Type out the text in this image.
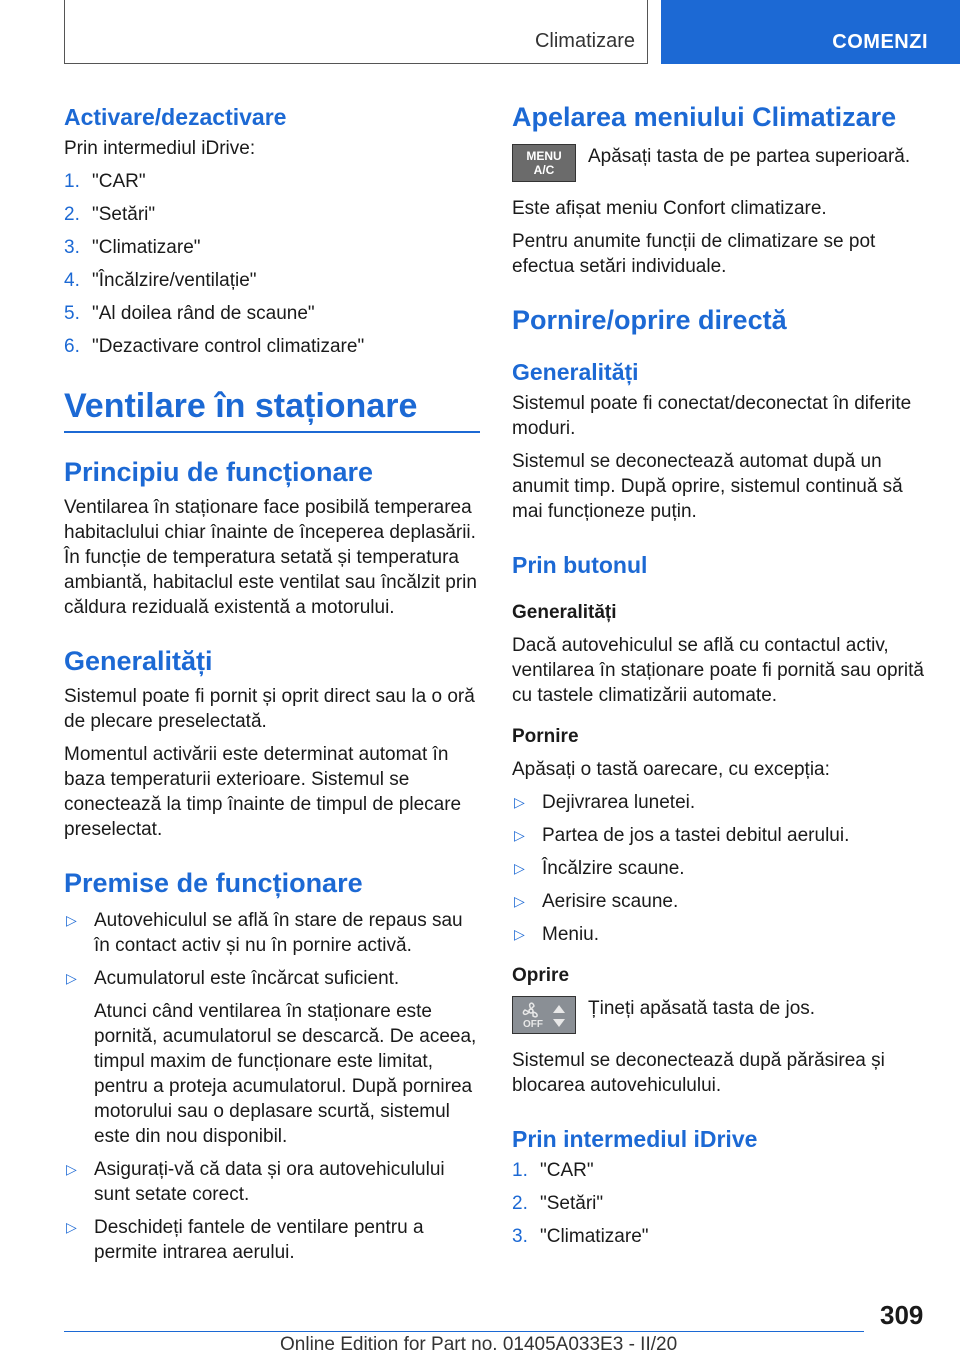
Climatizare	COMENZI
Activare/dezactivare

Prin intermediul iDrive:

1. "CAR"
2. "Setări"
3. "Climatizare"
4. "Încălzire/ventilație"
5. "Al doilea rând de scaune"
6. "Dezactivare control climatizare"
Ventilare în staționare
Principiu de funcționare

Ventilarea în staționare face posibilă temperarea habitaclului chiar înainte de începerea deplasării. În funcție de temperatura setată și temperatura ambiantă, habitaclul este ventilat sau încălzit prin căldura reziduală existentă a motorului.

Generalități

Sistemul poate fi pornit și oprit direct sau la o oră de plecare preselectată.

Momentul activării este determinat automat în baza temperaturii exterioare. Sistemul se conectează la timp înainte de timpul de plecare preselectat.

Premise de funcționare
▷ Autovehiculul se află în stare de repaus sau în contact activ și nu în pornire activă.
▷ Acumulatorul este încărcat suficient.
Atunci când ventilarea în staționare este pornită, acumulatorul se descarcă. De aceea, timpul maxim de funcționare este limitat, pentru a proteja acumulatorul. După pornirea motorului sau o deplasare scurtă, sistemul este din nou disponibil.
▷ Asigurați-vă că data și ora autovehiculului sunt setate corect.
▷ Deschideți fantele de ventilare pentru a permite intrarea aerului.
Apelarea meniului Climatizare
MENU
A/C

Apăsați tasta de pe partea superioară.

Este afișat meniu Confort climatizare.

Pentru anumite funcții de climatizare se pot efectua setări individuale.

Pornire/oprire directă
Generalități

Sistemul poate fi conectat/deconectat în diferite moduri.

Sistemul se deconectează automat după un anumit timp. După oprire, sistemul continuă să mai funcționeze puțin.

Prin butonul
Generalități

Dacă autovehiculul se află cu contactul activ, ventilarea în staționare poate fi pornită sau oprită cu tastele climatizării automate.

Pornire

Apăsați o tastă oarecare, cu excepția:

▷ Dejivrarea lunetei.
▷ Partea de jos a tastei debitul aerului.
▷ Încălzire scaune.
▷ Aerisire scaune.
▷ Meniu.
Oprire
OFF

Țineți apăsată tasta de jos.

Sistemul se deconectează după părăsirea și blocarea autovehiculului.

Prin intermediul iDrive
1. "CAR"
2. "Setări"
3. "Climatizare"
309
Online Edition for Part no. 01405A033E3 - II/20
